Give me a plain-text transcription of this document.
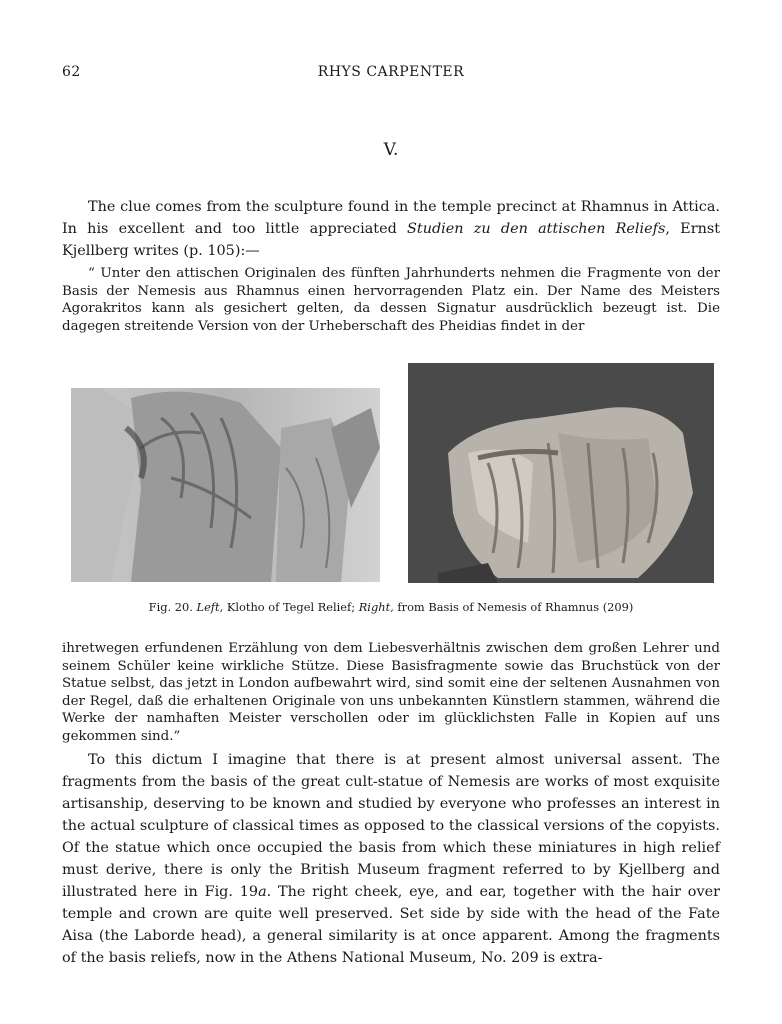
62	RHYS CARPENTER
V.

The clue comes from the sculpture found in the temple precinct at Rhamnus in Attica. In his excellent and too little appreciated Studien zu den attischen Reliefs, Ernst Kjellberg writes (p. 105):—

“ Unter den attischen Originalen des fünften Jahrhunderts nehmen die Fragmente von der Basis der Nemesis aus Rhamnus einen hervorragenden Platz ein. Der Name des Meisters Agorakritos kann als gesichert gelten, da dessen Signatur ausdrücklich bezeugt ist. Die dagegen streitende Version von der Urheberschaft des Pheidias findet in der

Fig. 20. Left, Klotho of Tegel Relief; Right, from Basis of Nemesis of Rhamnus (209)

ihretwegen erfundenen Erzählung von dem Liebesverhältnis zwischen dem großen Lehrer und seinem Schüler keine wirkliche Stütze. Diese Basisfragmente sowie das Bruchstück von der Statue selbst, das jetzt in London aufbewahrt wird, sind somit eine der seltenen Ausnahmen von der Regel, daß die erhaltenen Originale von uns unbekannten Künstlern stammen, während die Werke der namhaften Meister verschollen oder im glücklichsten Falle in Kopien auf uns gekommen sind.”

To this dictum I imagine that there is at present almost universal assent. The fragments from the basis of the great cult-statue of Nemesis are works of most exquisite artisanship, deserving to be known and studied by everyone who professes an interest in the actual sculpture of classical times as opposed to the classical versions of the copyists. Of the statue which once occupied the basis from which these miniatures in high relief must derive, there is only the British Museum fragment referred to by Kjellberg and illustrated here in Fig. 19a. The right cheek, eye, and ear, together with the hair over temple and crown are quite well preserved. Set side by side with the head of the Fate Aisa (the Laborde head), a general similarity is at once apparent. Among the fragments of the basis reliefs, now in the Athens National Museum, No. 209 is extra-
